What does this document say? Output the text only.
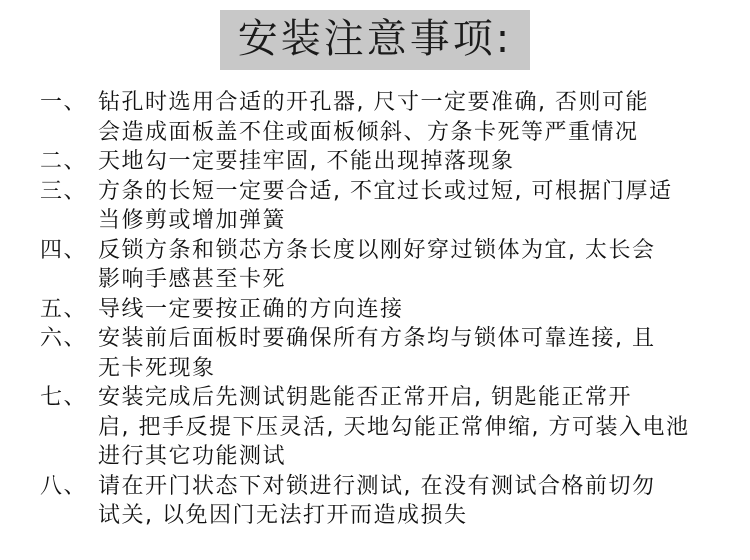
安装注意事项:
一、 钻孔时选用合适的开孔器, 尺寸一定要准确, 否则可能
会造成面板盖不住或面板倾斜、方条卡死等严重情况
二、 天地勾一定要挂牢固, 不能出现掉落现象
三、 方条的长短一定要合适, 不宜过长或过短, 可根据门厚适
当修剪或增加弹簧
四、 反锁方条和锁芯方条长度以刚好穿过锁体为宜, 太长会
影响手感甚至卡死
五、 导线一定要按正确的方向连接
六、 安装前后面板时要确保所有方条均与锁体可靠连接, 且
无卡死现象
七、 安装完成后先测试钥匙能否正常开启, 钥匙能正常开
启, 把手反提下压灵活, 天地勾能正常伸缩, 方可装入电池
进行其它功能测试
八、 请在开门状态下对锁进行测试, 在没有测试合格前切勿
试关, 以免因门无法打开而造成损失
